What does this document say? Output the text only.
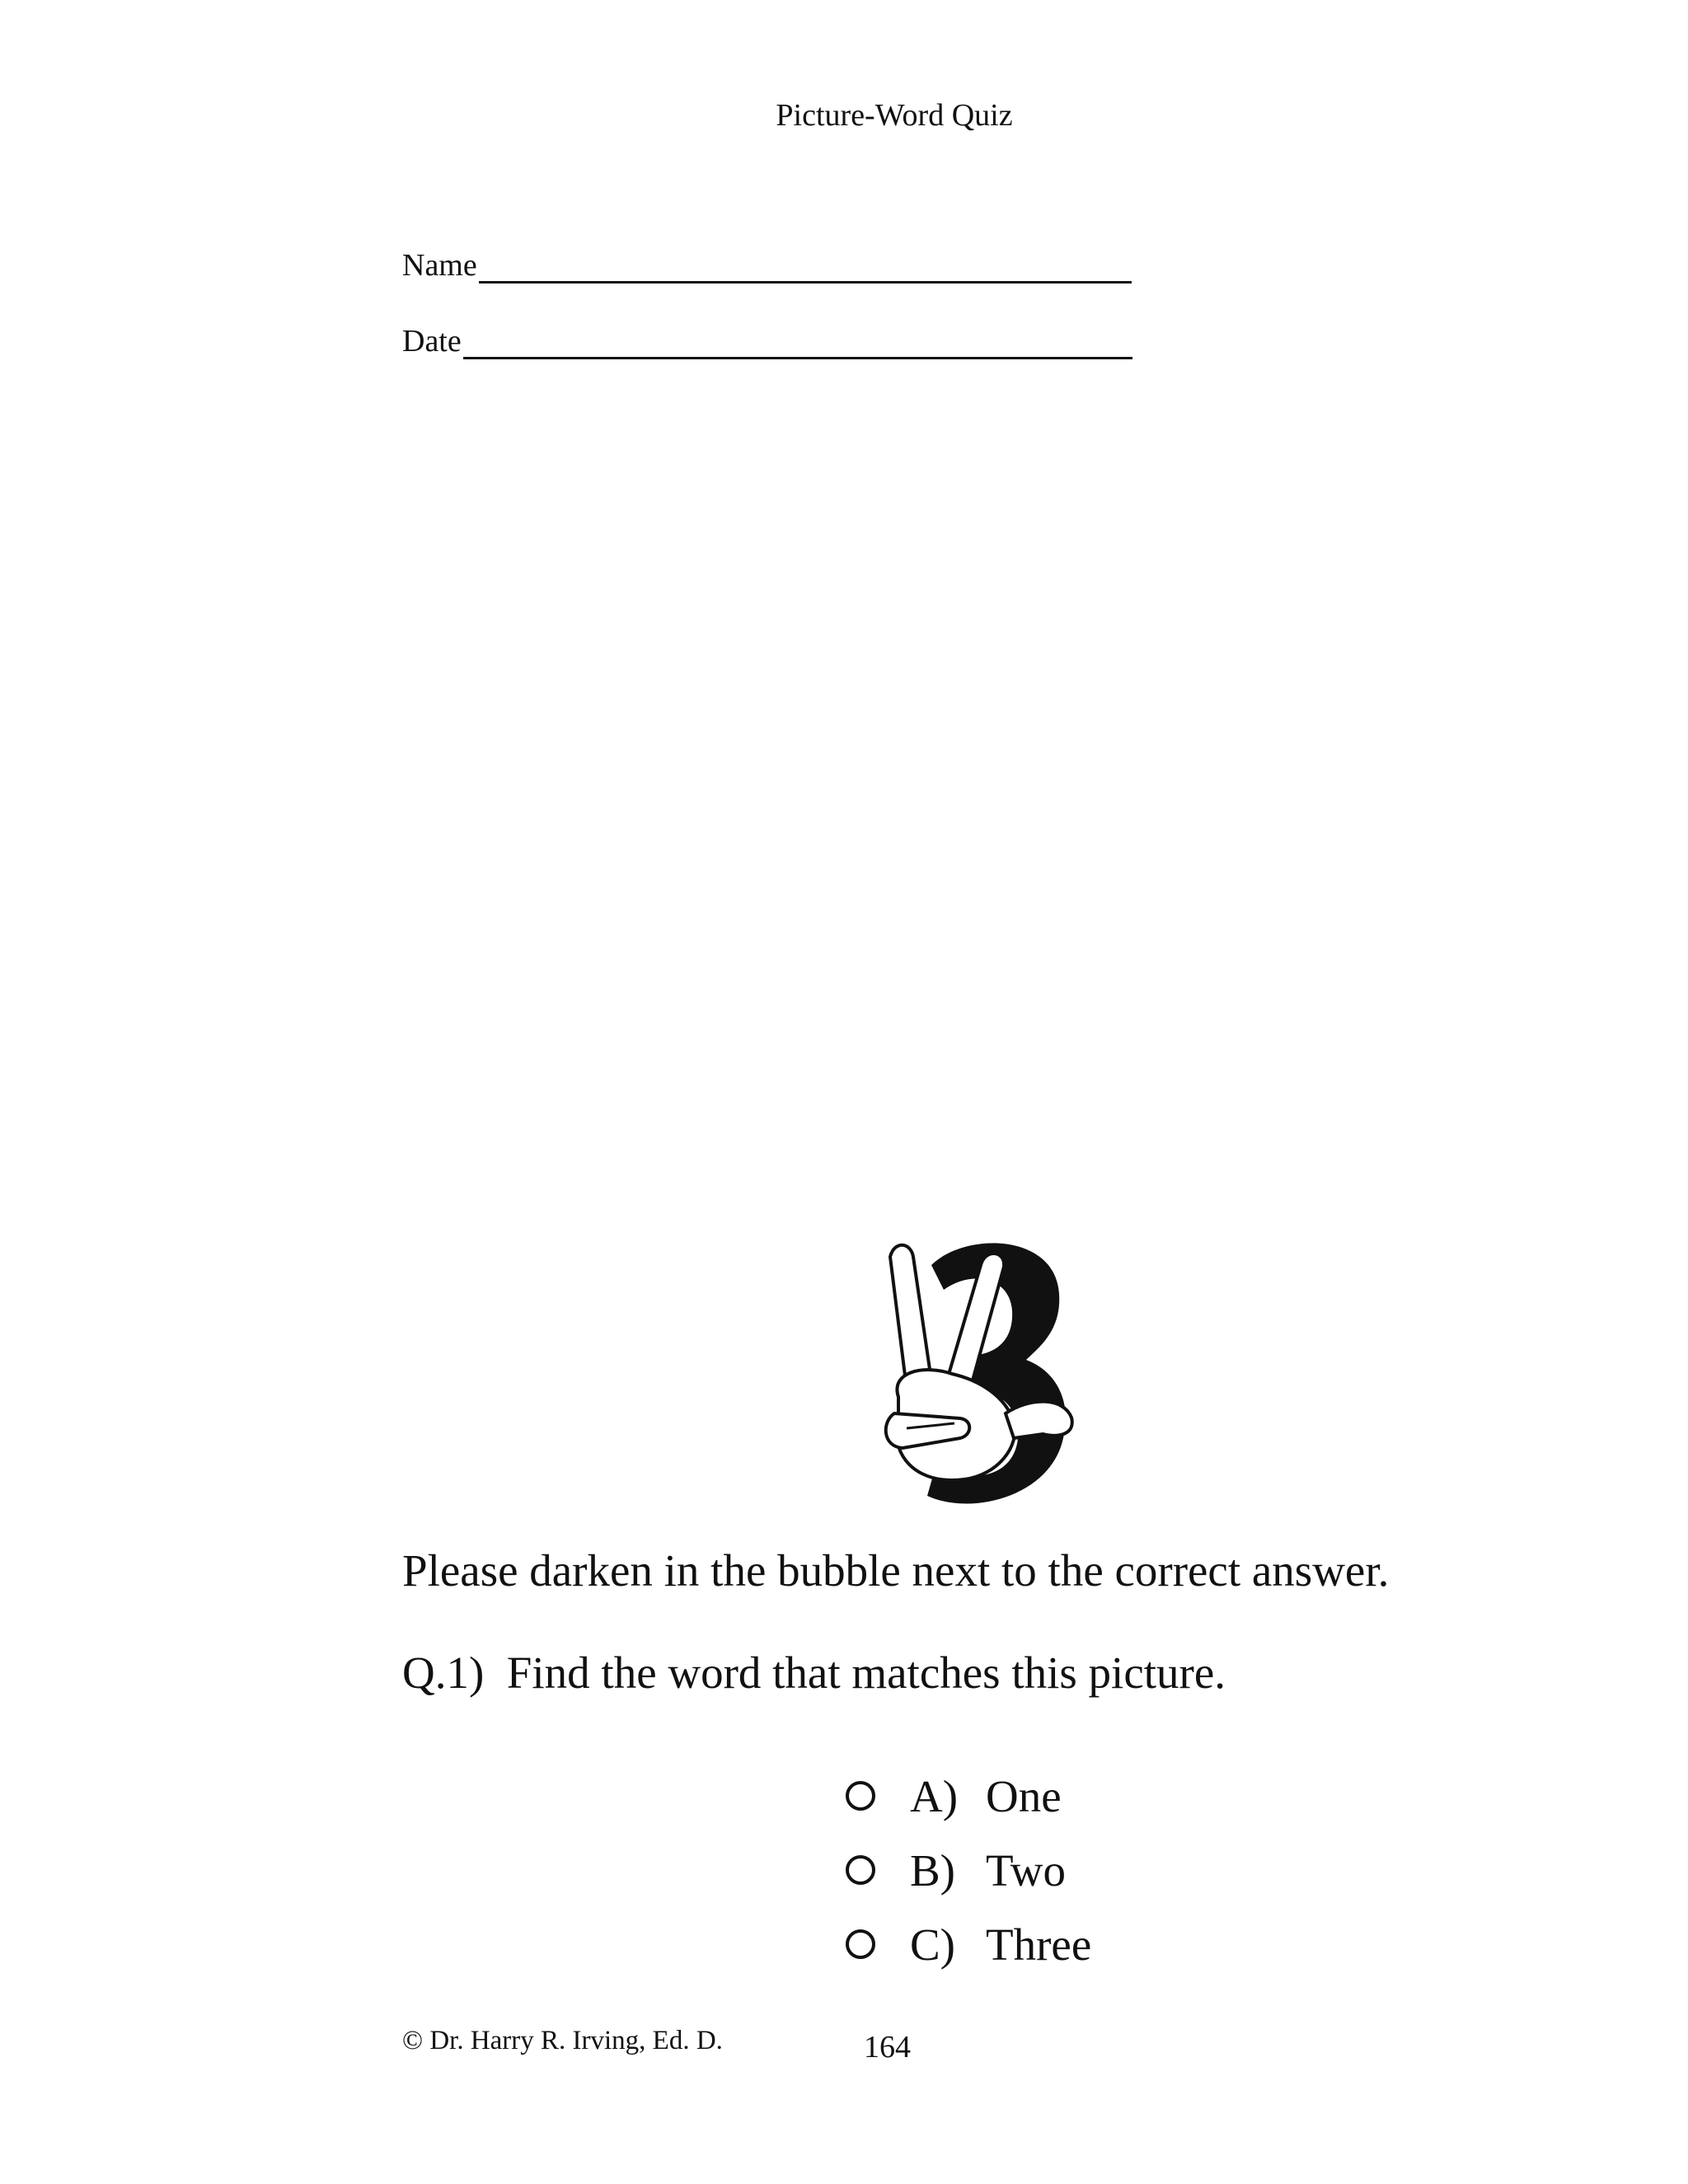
Picture-Word Quiz
Name
Date
Please darken in the bubble next to the correct answer.
Q.1) Find the word that matches this picture.
A) One
B) Two
C) Three
© Dr. Harry R. Irving, Ed. D.	164
